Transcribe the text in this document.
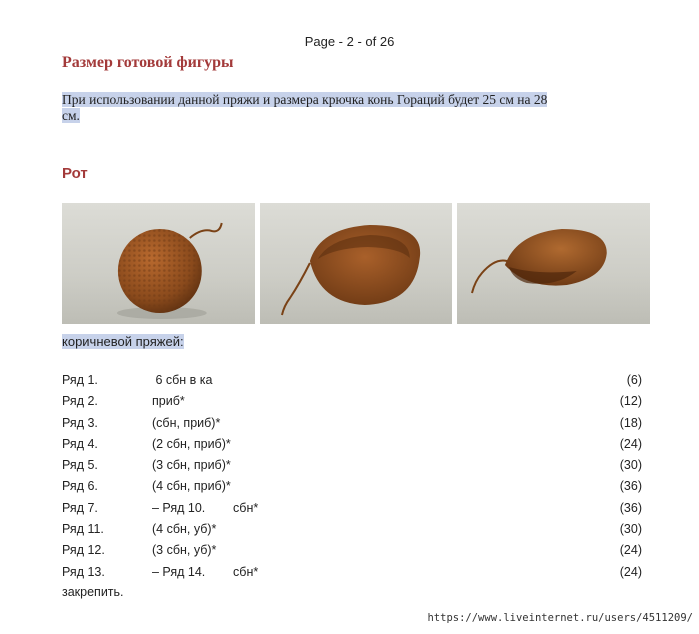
Page - 2 - of 26
Размер готовой фигуры
При использовании данной пряжи и размера крючка конь Гораций будет 25 см на 28
см.
Рот
коричневой пряжей:
Ряд 1.	6 сбн в ка	(6)
Ряд 2.	приб*	(12)
Ряд 3.	(сбн, приб)*	(18)
Ряд 4.	(2 сбн, приб)*	(24)
Ряд 5.	(3 сбн, приб)*	(30)
Ряд 6.	(4 сбн, приб)*	(36)
Ряд 7.	– Ряд 10.        сбн*	(36)
Ряд 11.	(4 сбн, уб)*	(30)
Ряд 12.	(3 сбн, уб)*	(24)
Ряд 13.	– Ряд 14.        сбн*	(24)
закрепить.
https://www.liveinternet.ru/users/4511209/
